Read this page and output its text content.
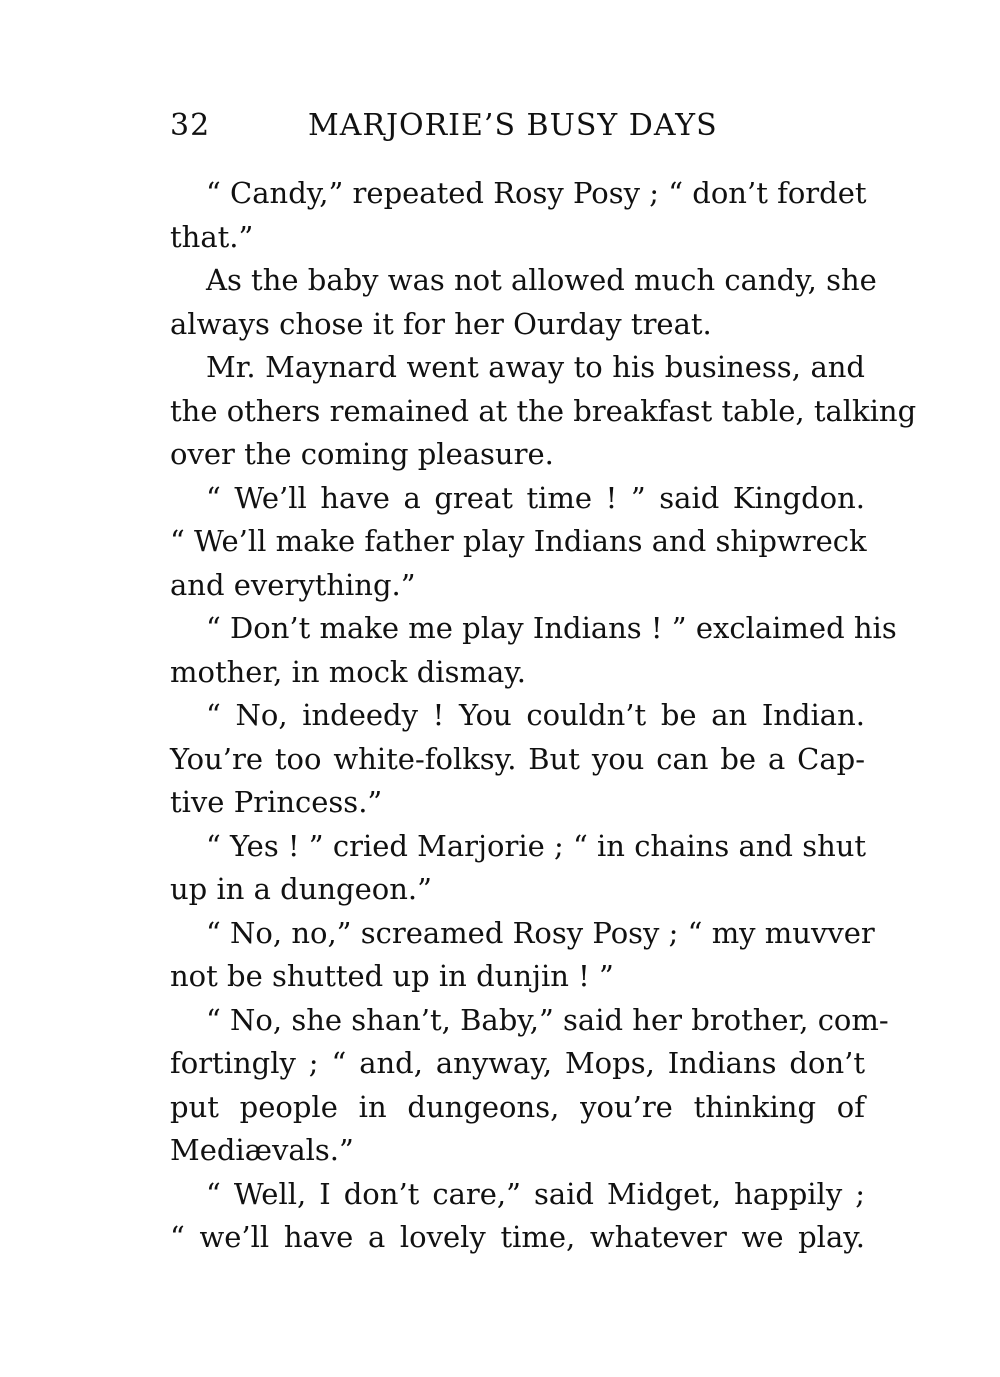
32	MARJORIE’S BUSY DAYS
“ Candy,” repeated Rosy Posy ; “ don’t fordet
that.”
As the baby was not allowed much candy, she
always chose it for her Ourday treat.
Mr. Maynard went away to his business, and
the others remained at the breakfast table, talking
over the coming pleasure.
“ We’ll have a great time ! ” said Kingdon.
“ We’ll make father play Indians and shipwreck
and everything.”
“ Don’t make me play Indians ! ” exclaimed his
mother, in mock dismay.
“ No, indeedy ! You couldn’t be an Indian.
You’re too white-folksy. But you can be a Cap-
tive Princess.”
“ Yes ! ” cried Marjorie ; “ in chains and shut
up in a dungeon.”
“ No, no,” screamed Rosy Posy ; “ my muvver
not be shutted up in dunjin ! ”
“ No, she shan’t, Baby,” said her brother, com-
fortingly ; “ and, anyway, Mops, Indians don’t
put people in dungeons, you’re thinking of
Mediævals.”
“ Well, I don’t care,” said Midget, happily ;
“ we’ll have a lovely time, whatever we play.
